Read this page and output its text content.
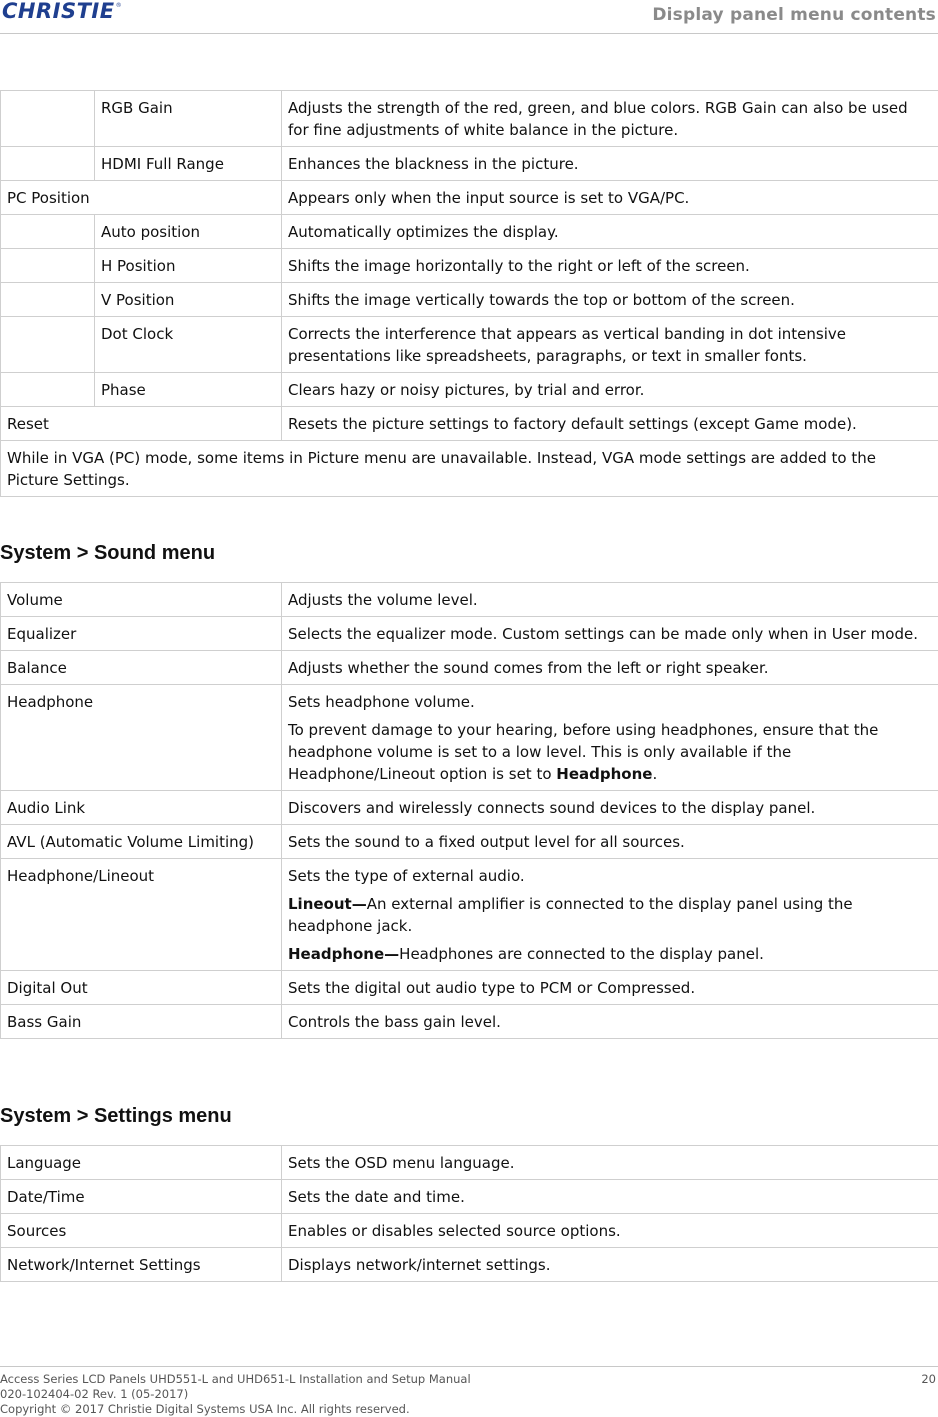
CHRISTIE ®	Display panel menu contents
	RGB Gain	Adjusts the strength of the red, green, and blue colors. RGB Gain can also be used for fine adjustments of white balance in the picture.
	HDMI Full Range	Enhances the blackness in the picture.
PC Position		Appears only when the input source is set to VGA/PC.
	Auto position	Automatically optimizes the display.
	H Position	Shifts the image horizontally to the right or left of the screen.
	V Position	Shifts the image vertically towards the top or bottom of the screen.
	Dot Clock	Corrects the interference that appears as vertical banding in dot intensive presentations like spreadsheets, paragraphs, or text in smaller fonts.
	Phase	Clears hazy or noisy pictures, by trial and error.
Reset		Resets the picture settings to factory default settings (except Game mode).
While in VGA (PC) mode, some items in Picture menu are unavailable. Instead, VGA mode settings are added to the Picture Settings.		
System > Sound menu
Volume	Adjusts the volume level.
Equalizer	Selects the equalizer mode. Custom settings can be made only when in User mode.
Balance	Adjusts whether the sound comes from the left or right speaker.
Headphone	Sets headphone volume.

To prevent damage to your hearing, before using headphones, ensure that the headphone volume is set to a low level. This is only available if the Headphone/Lineout option is set to Headphone.

Audio Link	Discovers and wirelessly connects sound devices to the display panel.
AVL (Automatic Volume Limiting)	Sets the sound to a fixed output level for all sources.
Headphone/Lineout	Sets the type of external audio.

Lineout—An external amplifier is connected to the display panel using the headphone jack.

Headphone—Headphones are connected to the display panel.

Digital Out	Sets the digital out audio type to PCM or Compressed.
Bass Gain	Controls the bass gain level.
System > Settings menu
Language	Sets the OSD menu language.
Date/Time	Sets the date and time.
Sources	Enables or disables selected source options.
Network/Internet Settings	Displays network/internet settings.
Access Series LCD Panels UHD551-L and UHD651-L Installation and Setup Manual
020-102404-02 Rev. 1 (05-2017)
Copyright © 2017 Christie Digital Systems USA Inc. All rights reserved.
20
